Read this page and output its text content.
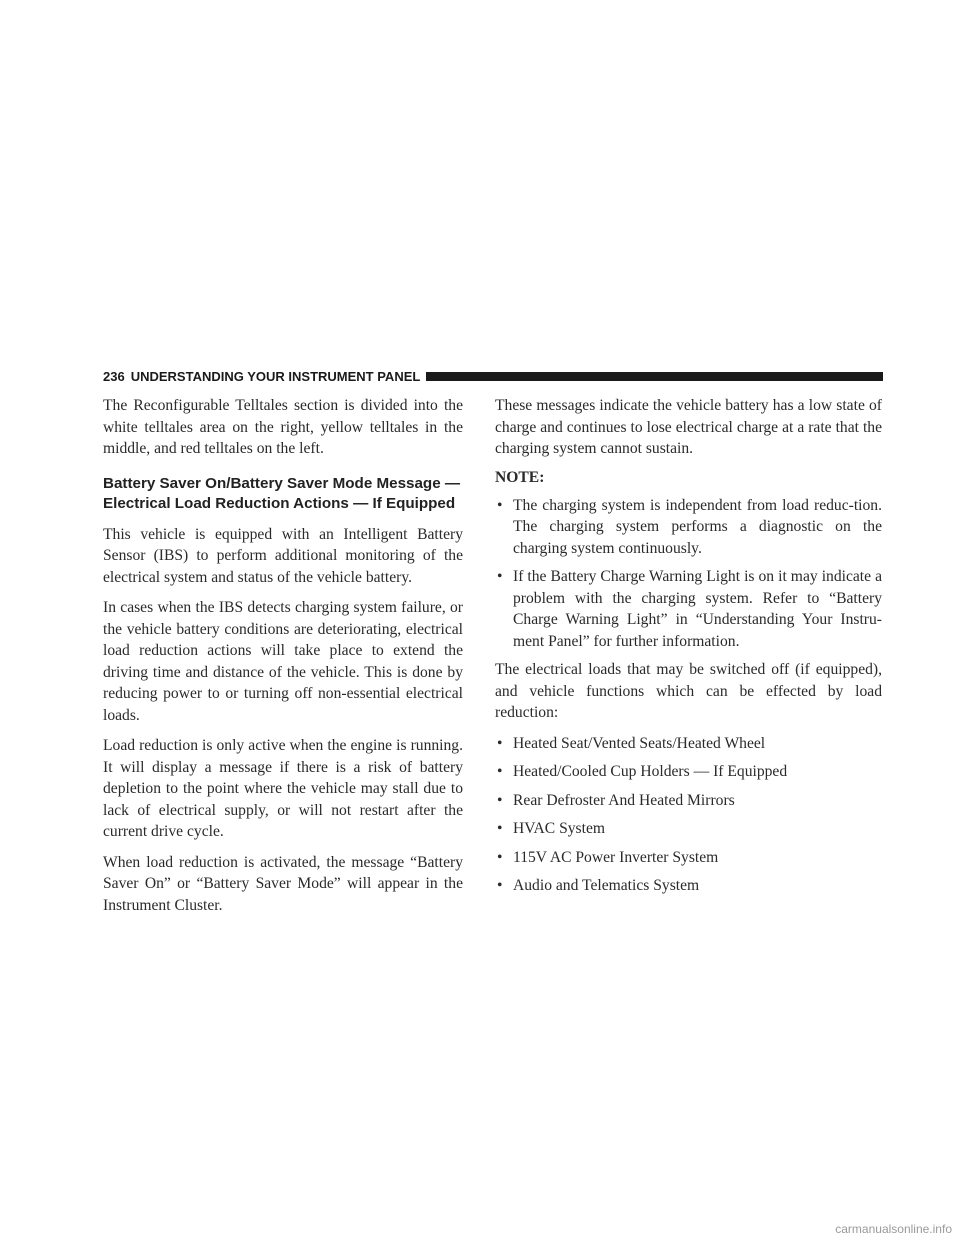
236 UNDERSTANDING YOUR INSTRUMENT PANEL

The Reconfigurable Telltales section is divided into the white telltales area on the right, yellow telltales in the middle, and red telltales on the left.

Battery Saver On/Battery Saver Mode Message — Electrical Load Reduction Actions — If Equipped

This vehicle is equipped with an Intelligent Battery Sensor (IBS) to perform additional monitoring of the electrical system and status of the vehicle battery.

In cases when the IBS detects charging system failure, or the vehicle battery conditions are deteriorating, electrical load reduction actions will take place to extend the driving time and distance of the vehicle. This is done by reducing power to or turning off non-essential electrical loads.

Load reduction is only active when the engine is running. It will display a message if there is a risk of battery depletion to the point where the vehicle may stall due to lack of electrical supply, or will not restart after the current drive cycle.

When load reduction is activated, the message “Battery Saver On” or “Battery Saver Mode” will appear in the Instrument Cluster.

These messages indicate the vehicle battery has a low state of charge and continues to lose electrical charge at a rate that the charging system cannot sustain.

NOTE:
• The charging system is independent from load reduc-tion. The charging system performs a diagnostic on the charging system continuously.
• If the Battery Charge Warning Light is on it may indicate a problem with the charging system. Refer to “Battery Charge Warning Light” in “Understanding Your Instru-ment Panel” for further information.

The electrical loads that may be switched off (if equipped), and vehicle functions which can be effected by load reduction:

• Heated Seat/Vented Seats/Heated Wheel
• Heated/Cooled Cup Holders — If Equipped
• Rear Defroster And Heated Mirrors
• HVAC System
• 115V AC Power Inverter System
• Audio and Telematics System
carmanualsonline.info
